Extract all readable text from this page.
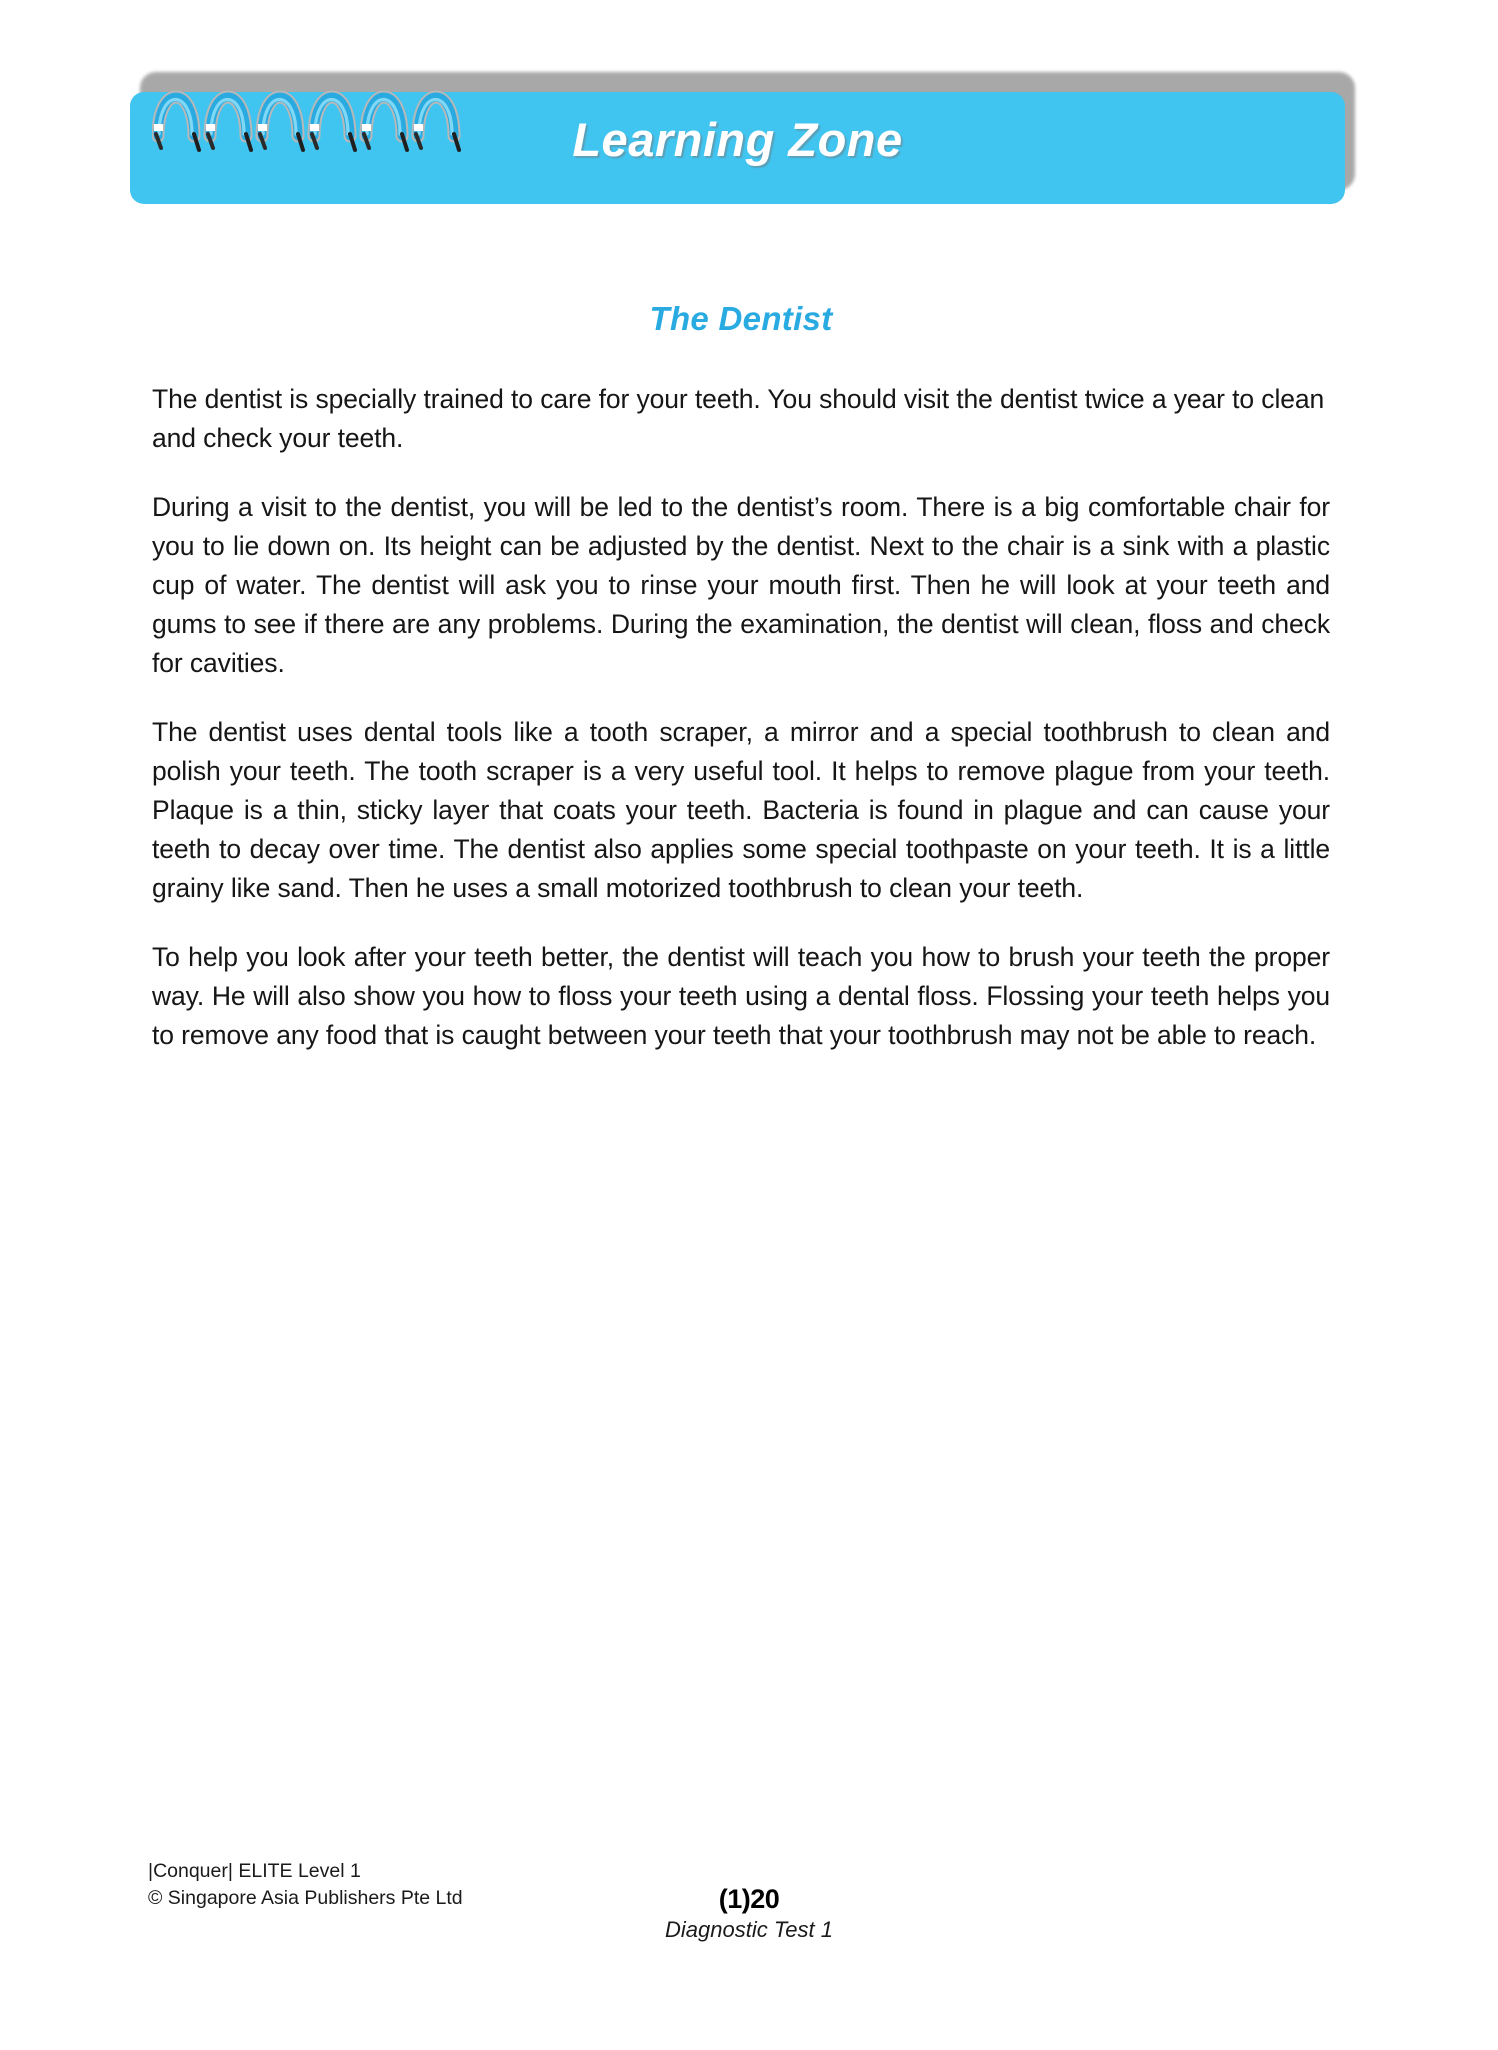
Learning Zone
The Dentist

The dentist is specially trained to care for your teeth. You should visit the dentist twice a year to clean and check your teeth.

During a visit to the dentist, you will be led to the dentist’s room. There is a big comfortable chair for you to lie down on. Its height can be adjusted by the dentist. Next to the chair is a sink with a plastic cup of water. The dentist will ask you to rinse your mouth first. Then he will look at your teeth and gums to see if there are any problems. During the examination, the dentist will clean, floss and check for cavities.

The dentist uses dental tools like a tooth scraper, a mirror and a special toothbrush to clean and polish your teeth. The tooth scraper is a very useful tool. It helps to remove plague from your teeth. Plaque is a thin, sticky layer that coats your teeth. Bacteria is found in plague and can cause your teeth to decay over time. The dentist also applies some special toothpaste on your teeth. It is a little grainy like sand. Then he uses a small motorized toothbrush to clean your teeth.

To help you look after your teeth better, the dentist will teach you how to brush your teeth the proper way. He will also show you how to floss your teeth using a dental floss. Flossing your teeth helps you to remove any food that is caught between your teeth that your toothbrush may not be able to reach.

|Conquer| ELITE Level 1
© Singapore Asia Publishers Pte Ltd	(1)20
Diagnostic Test 1
